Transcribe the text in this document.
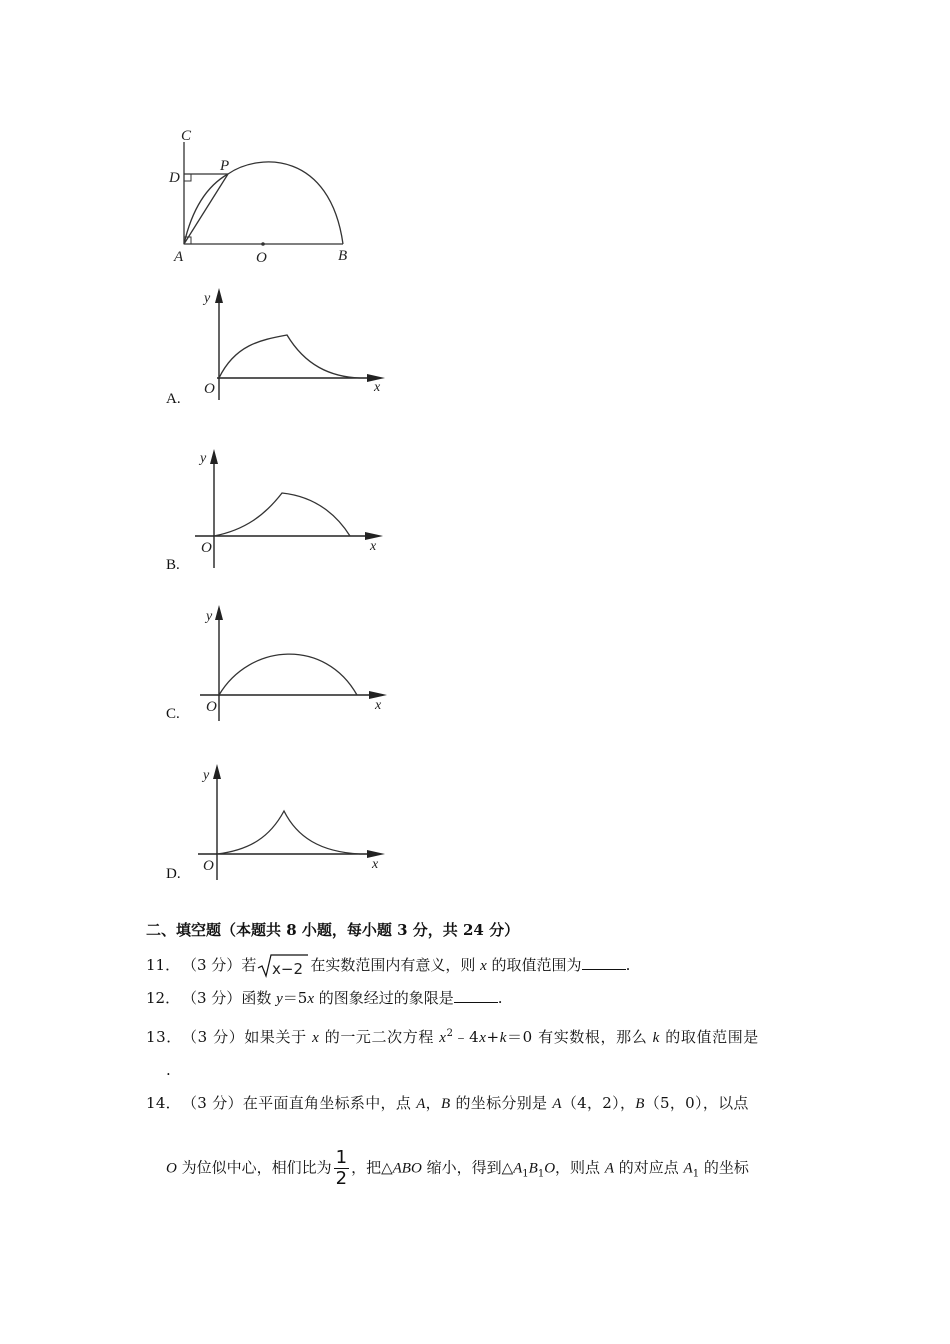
C
D
P
A	O	B
y
x
O
A.
y
x
O
B.
y
x
O
C.
y
x
O
D.
二、填空题（本题共 8 小题，每小题 3 分，共 24 分）
11． （3 分）若 x−2 在实数范围内有意义，则 x 的取值范围为	.
12． （3 分）函数 y＝5x 的图象经过的象限是	.
13．（3 分）如果关于 x 的一元二次方程 $x^2﹣4x+k=0$ 有实数根，那么 k 的取值范围是
.
14．（3 分）在平面直角坐标系中，点 A，B 的坐标分别是 A（4，2），B（5，0），以点
O 为位似中心，相们比为 $\frac{1}{2}$ ，把△ABO 缩小，得到$\triangle A_1B_1O$，则点 A 的对应点 $A_1$ 的坐标
